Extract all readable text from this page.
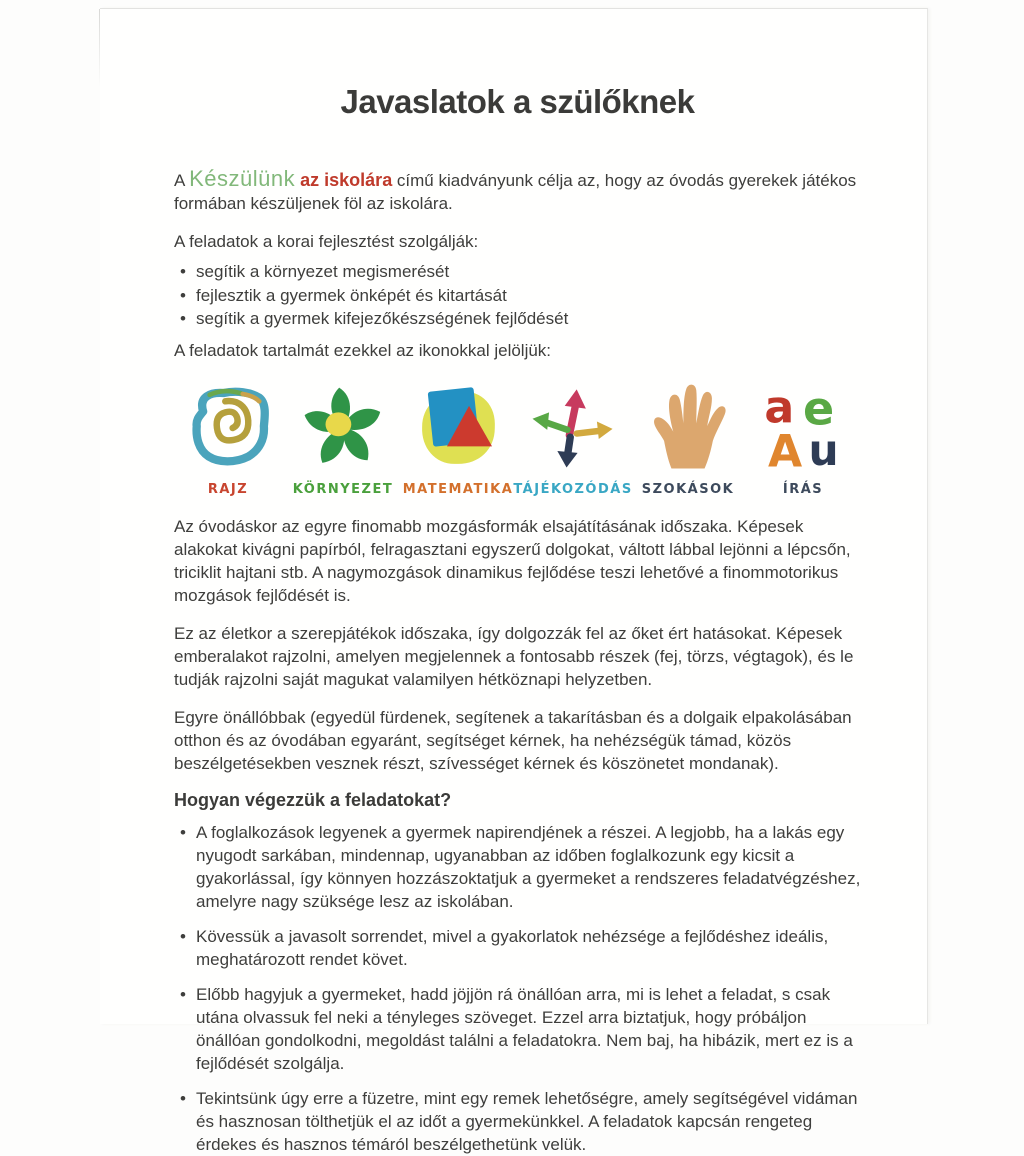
Javaslatok a szülőknek

A Készülünk az iskolára című kiadványunk célja az, hogy az óvodás gyerekek játékos formában készüljenek föl az iskolára.

A feladatok a korai fejlesztést szolgálják:

• segítik a környezet megismerését
• fejlesztik a gyermek önképét és kitartását
• segítik a gyermek kifejezőkészségének fejlődését

A feladatok tartalmát ezekkel az ikonokkal jelöljük:

RAJZ	KÖRNYEZET MATEMATIKA TÁJÉKOZÓDÁS SZOKÁSOK
a e
A u
ÍRÁS

Az óvodáskor az egyre finomabb mozgásformák elsajátításának időszaka. Képesek alakokat kivágni papírból, felragasztani egyszerű dolgokat, váltott lábbal lejönni a lépcsőn, triciklit hajtani stb. A nagymozgások dinamikus fejlődése teszi lehetővé a finommotorikus mozgások fejlődését is.

Ez az életkor a szerepjátékok időszaka, így dolgozzák fel az őket ért hatásokat. Képesek emberalakot rajzolni, amelyen megjelennek a fontosabb részek (fej, törzs, végtagok), és le tudják rajzolni saját magukat valamilyen hétköznapi helyzetben.

Egyre önállóbbak (egyedül fürdenek, segítenek a takarításban és a dolgaik elpakolásában otthon és az óvodában egyaránt, segítséget kérnek, ha nehézségük támad, közös beszélgetésekben vesznek részt, szívességet kérnek és köszönetet mondanak).

Hogyan végezzük a feladatokat?
• A foglalkozások legyenek a gyermek napirendjének a részei. A legjobb, ha a lakás egy nyugodt sarkában, mindennap, ugyanabban az időben foglalkozunk egy kicsit a gyakorlással, így könnyen hozzászoktatjuk a gyermeket a rendszeres feladatvégzéshez, amelyre nagy szüksége lesz az iskolában.
• Kövessük a javasolt sorrendet, mivel a gyakorlatok nehézsége a fejlődéshez ideális, meghatározott rendet követ.
• Előbb hagyjuk a gyermeket, hadd jöjjön rá önállóan arra, mi is lehet a feladat, s csak utána olvassuk fel neki a tényleges szöveget. Ezzel arra biztatjuk, hogy próbáljon önállóan gondolkodni, megoldást találni a feladatokra. Nem baj, ha hibázik, mert ez is a fejlődését szolgálja.
• Tekintsünk úgy erre a füzetre, mint egy remek lehetőségre, amely segítségével vidáman és hasznosan tölthetjük el az időt a gyermekünkkel. A feladatok kapcsán rengeteg érdekes és hasznos témáról beszélgethetünk velük.
